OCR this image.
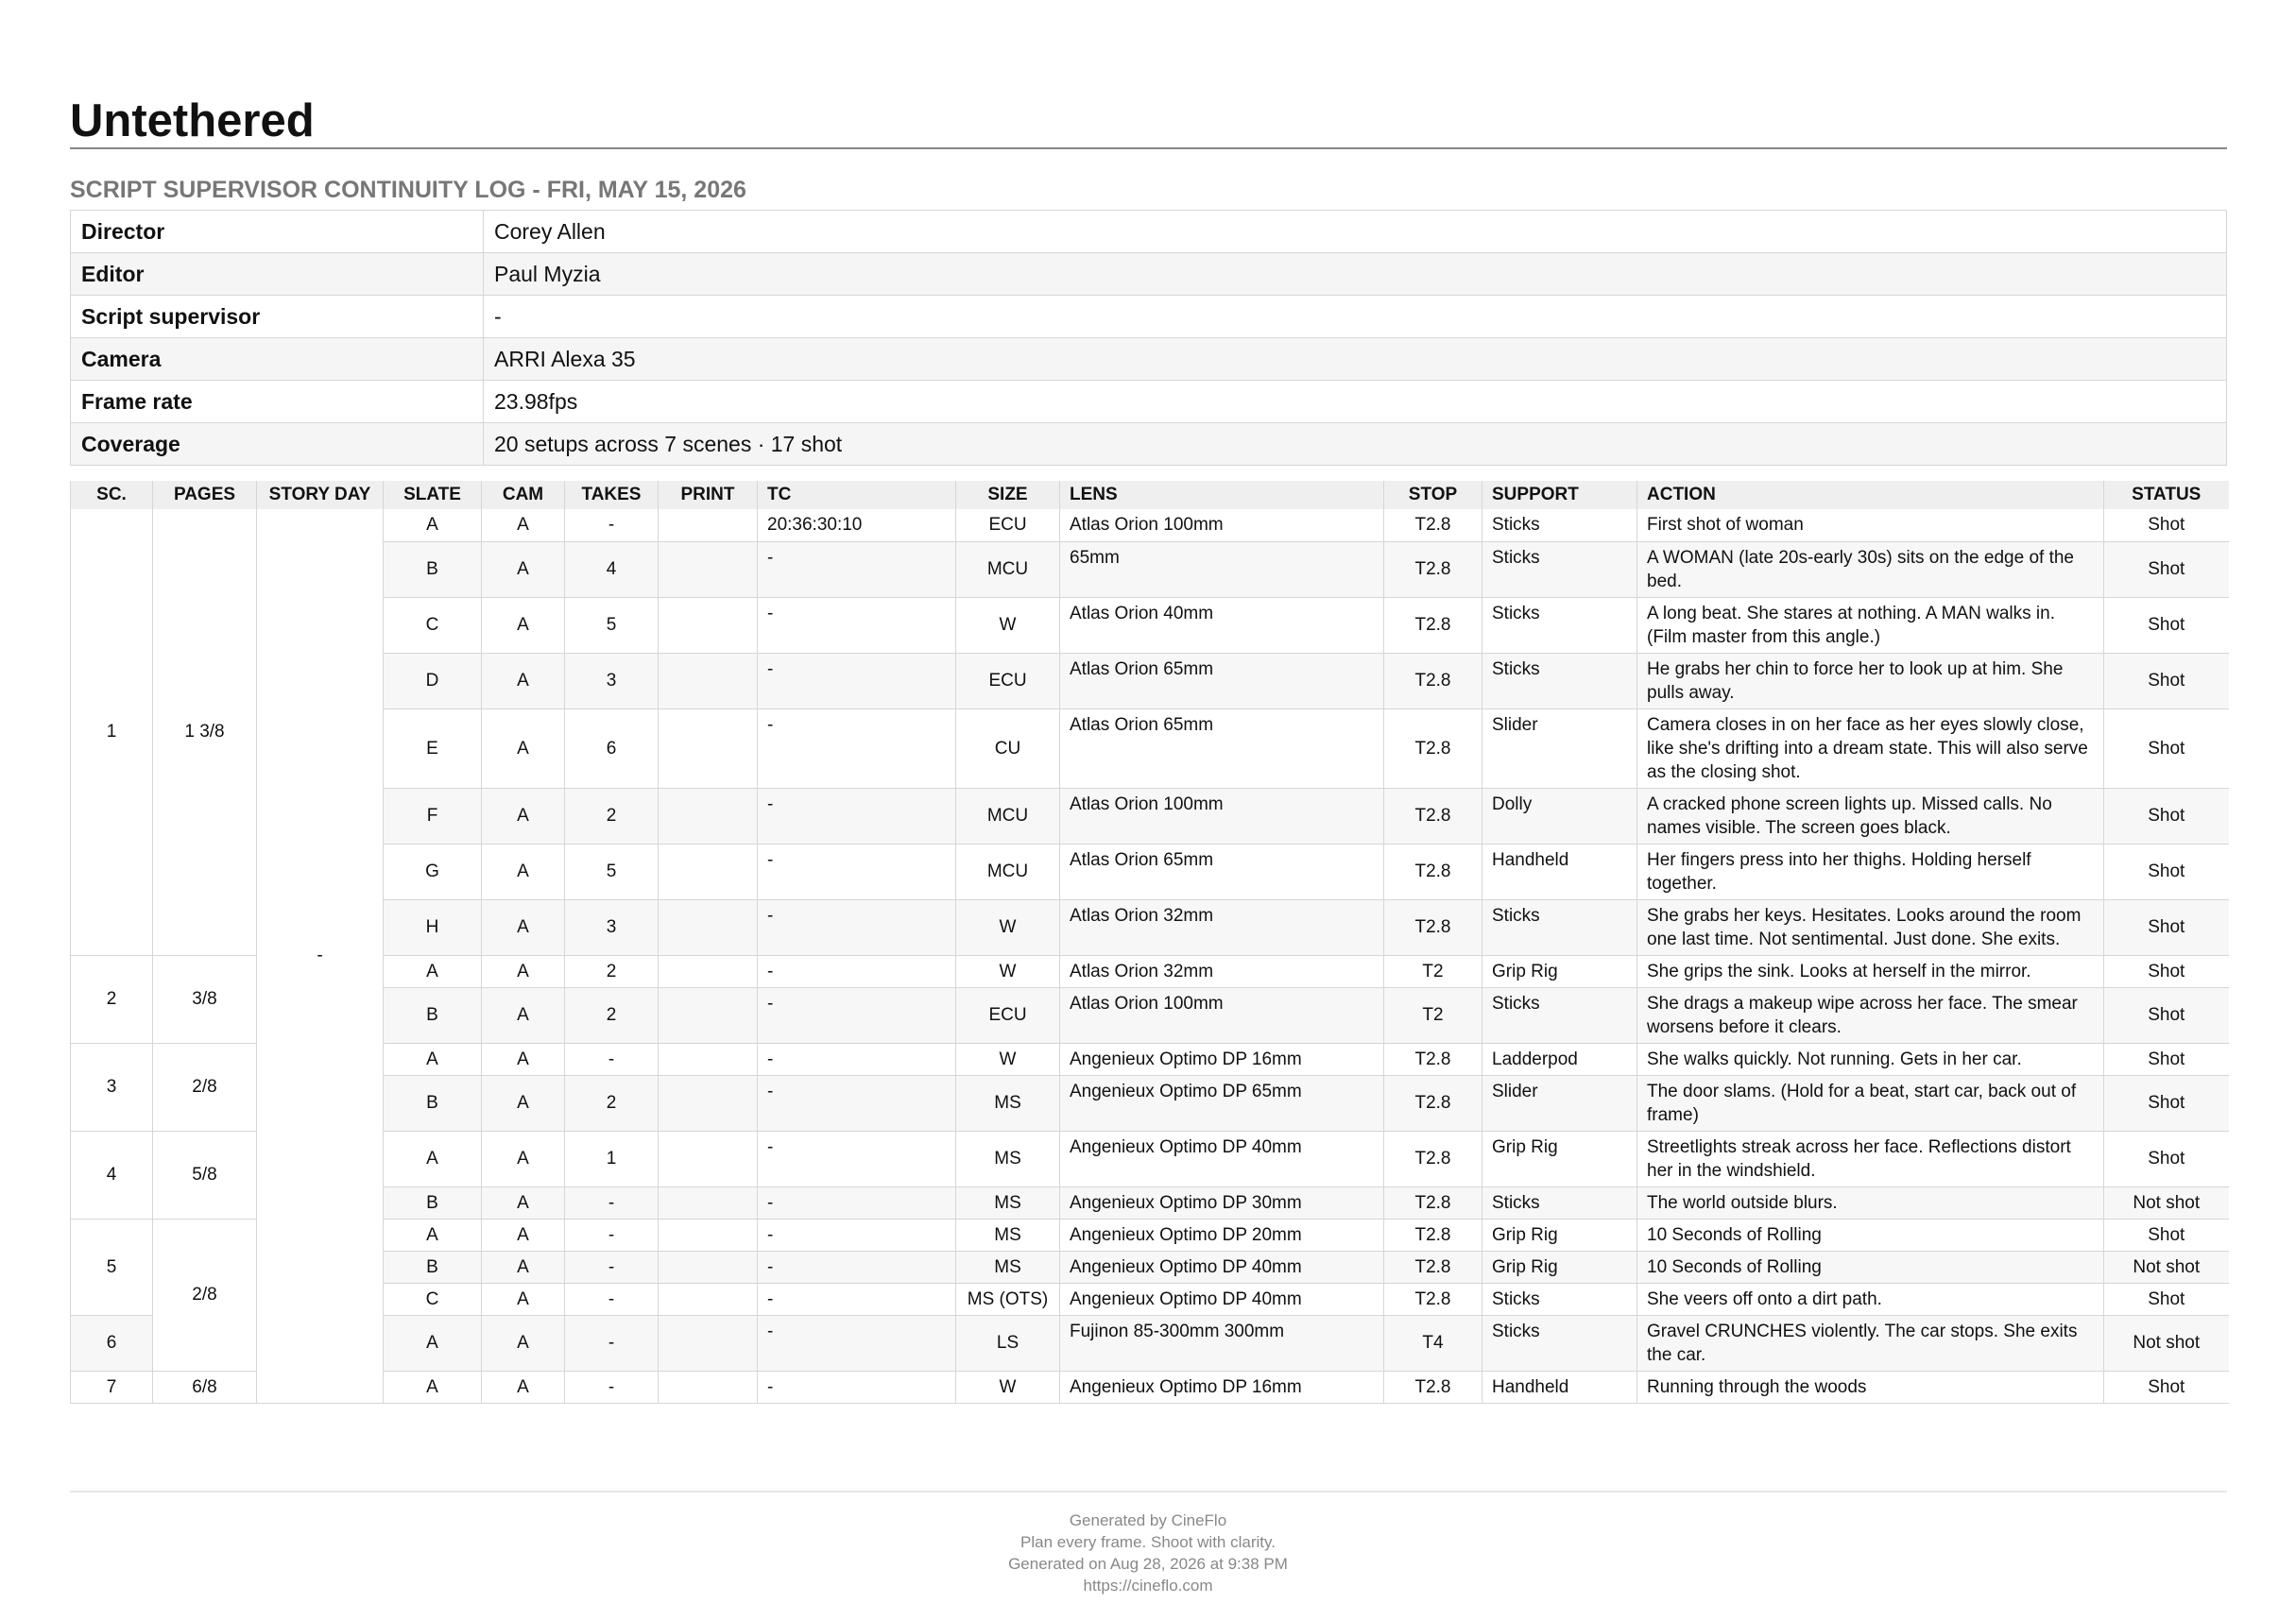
Untethered
SCRIPT SUPERVISOR CONTINUITY LOG - FRI, MAY 15, 2026
Director	Corey Allen
Editor	Paul Myzia
Script supervisor	-
Camera	ARRI Alexa 35
Frame rate	23.98fps
Coverage	20 setups across 7 scenes · 17 shot
SC.	PAGES	STORY DAY	SLATE	CAM	TAKES	PRINT	TC	SIZE	LENS	STOP	SUPPORT	ACTION	STATUS
1	1 3/8	-	A	A	-		20:36:30:10	ECU	Atlas Orion 100mm	T2.8	Sticks	First shot of woman	Shot
			B	A	4		-	MCU	65mm	T2.8	Sticks	A WOMAN (late 20s-early 30s) sits on the edge of the bed.	Shot
			C	A	5		-	W	Atlas Orion 40mm	T2.8	Sticks	A long beat. She stares at nothing. A MAN walks in. (Film master from this angle.)	Shot
			D	A	3		-	ECU	Atlas Orion 65mm	T2.8	Sticks	He grabs her chin to force her to look up at him. She pulls away.	Shot
			E	A	6		-	CU	Atlas Orion 65mm	T2.8	Slider	Camera closes in on her face as her eyes slowly close, like she's drifting into a dream state. This will also serve as the closing shot.	Shot
			F	A	2		-	MCU	Atlas Orion 100mm	T2.8	Dolly	A cracked phone screen lights up. Missed calls. No names visible. The screen goes black.	Shot
			G	A	5		-	MCU	Atlas Orion 65mm	T2.8	Handheld	Her fingers press into her thighs. Holding herself together.	Shot
			H	A	3		-	W	Atlas Orion 32mm	T2.8	Sticks	She grabs her keys. Hesitates. Looks around the room one last time. Not sentimental. Just done. She exits.	Shot
2	3/8		A	A	2		-	W	Atlas Orion 32mm	T2	Grip Rig	She grips the sink. Looks at herself in the mirror.	Shot
			B	A	2		-	ECU	Atlas Orion 100mm	T2	Sticks	She drags a makeup wipe across her face. The smear worsens before it clears.	Shot
3	2/8		A	A	-		-	W	Angenieux Optimo DP 16mm	T2.8	Ladderpod	She walks quickly. Not running. Gets in her car.	Shot
			B	A	2		-	MS	Angenieux Optimo DP 65mm	T2.8	Slider	The door slams. (Hold for a beat, start car, back out of frame)	Shot
4	5/8		A	A	1		-	MS	Angenieux Optimo DP 40mm	T2.8	Grip Rig	Streetlights streak across her face. Reflections distort her in the windshield.	Shot
			B	A	-		-	MS	Angenieux Optimo DP 30mm	T2.8	Sticks	The world outside blurs.	Not shot
5	2/8		A	A	-		-	MS	Angenieux Optimo DP 20mm	T2.8	Grip Rig	10 Seconds of Rolling	Shot
			B	A	-		-	MS	Angenieux Optimo DP 40mm	T2.8	Grip Rig	10 Seconds of Rolling	Not shot
			C	A	-		-	MS (OTS)	Angenieux Optimo DP 40mm	T2.8	Sticks	She veers off onto a dirt path.	Shot
6			A	A	-		-	LS	Fujinon 85-300mm 300mm	T4	Sticks	Gravel CRUNCHES violently. The car stops. She exits the car.	Not shot
7	6/8		A	A	-		-	W	Angenieux Optimo DP 16mm	T2.8	Handheld	Running through the woods	Shot
Generated by CineFlo
Plan every frame. Shoot with clarity.
Generated on Aug 28, 2026 at 9:38 PM
https://cineflo.com
